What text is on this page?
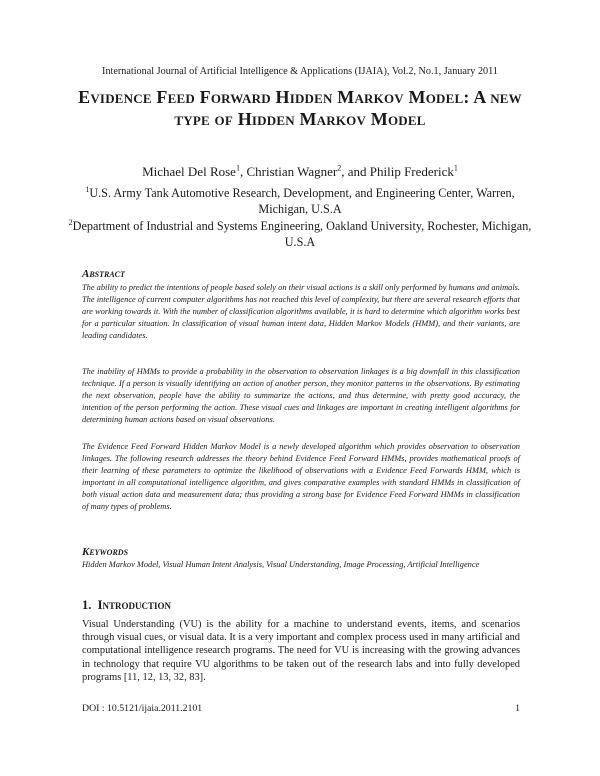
International Journal of Artificial Intelligence & Applications (IJAIA), Vol.2, No.1, January 2011
Evidence Feed Forward Hidden Markov Model: A new type of Hidden Markov Model
Michael Del Rose$^1$, Christian Wagner$^2$, and Philip Frederick$^1$
$^1$U.S. Army Tank Automotive Research, Development, and Engineering Center, Warren, Michigan, U.S.A
$^2$Department of Industrial and Systems Engineering, Oakland University, Rochester, Michigan, U.S.A
Abstract
The ability to predict the intentions of people based solely on their visual actions is a skill only performed by humans and animals. The intelligence of current computer algorithms has not reached this level of complexity, but there are several research efforts that are working towards it. With the number of classification algorithms available, it is hard to determine which algorithm works best for a particular situation. In classification of visual human intent data, Hidden Markov Models (HMM), and their variants, are leading candidates.
The inability of HMMs to provide a probability in the observation to observation linkages is a big downfall in this classification technique. If a person is visually identifying an action of another person, they monitor patterns in the observations. By estimating the next observation, people have the ability to summarize the actions, and thus determine, with pretty good accuracy, the intention of the person performing the action. These visual cues and linkages are important in creating intelligent algorithms for determining human actions based on visual observations.
The Evidence Feed Forward Hidden Markov Model is a newly developed algorithm which provides observation to observation linkages. The following research addresses the theory behind Evidence Feed Forward HMMs, provides mathematical proofs of their learning of these parameters to optimize the likelihood of observations with a Evidence Feed Forwards HMM, which is important in all computational intelligence algorithm, and gives comparative examples with standard HMMs in classification of both visual action data and measurement data; thus providing a strong base for Evidence Feed Forward HMMs in classification of many types of problems.
Keywords
Hidden Markov Model, Visual Human Intent Analysis, Visual Understanding, Image Processing, Artificial Intelligence
1. Introduction
Visual Understanding (VU) is the ability for a machine to understand events, items, and scenarios through visual cues, or visual data. It is a very important and complex process used in many artificial and computational intelligence research programs. The need for VU is increasing with the growing advances in technology that require VU algorithms to be taken out of the research labs and into fully developed programs [11, 12, 13, 32, 83].
DOI : 10.5121/ijaia.2011.2101	1
